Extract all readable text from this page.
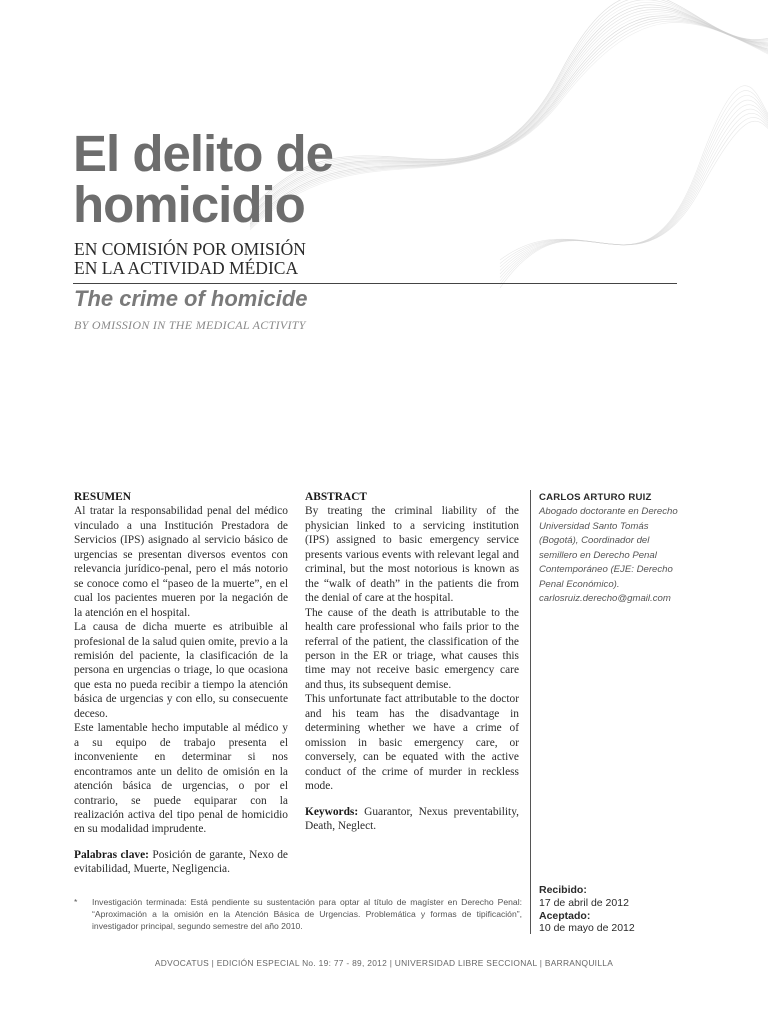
El delito de
homicidio
EN COMISIÓN POR OMISIÓN
EN LA ACTIVIDAD MÉDICA
The crime of homicide
BY OMISSION IN THE MEDICAL ACTIVITY
RESUMEN

Al tratar la responsabilidad penal del médico vinculado a una Institución Prestadora de Servicios (IPS) asignado al servicio básico de urgencias se presentan diversos eventos con relevancia jurídico-penal, pero el más notorio se conoce como el “paseo de la muerte”, en el cual los pacientes mueren por la negación de la atención en el hospital.

La causa de dicha muerte es atribuible al profesional de la salud quien omite, previo a la remisión del paciente, la clasificación de la persona en urgencias o triage, lo que ocasiona que esta no pueda recibir a tiempo la atención básica de urgencias y con ello, su consecuente deceso.

Este lamentable hecho imputable al médico y a su equipo de trabajo presenta el inconveniente en determinar si nos encontramos ante un delito de omisión en la atención básica de urgencias, o por el contrario, se puede equiparar con la realización activa del tipo penal de homicidio en su modalidad imprudente.

Palabras clave: Posición de garante, Nexo de evitabilidad, Muerte, Negligencia.

ABSTRACT

By treating the criminal liability of the physician linked to a servicing institution (IPS) assigned to basic emergency service presents various events with relevant legal and criminal, but the most notorious is known as the “walk of death” in the patients die from the denial of care at the hospital.

The cause of the death is attributable to the health care professional who fails prior to the referral of the patient, the classification of the person in the ER or triage, what causes this time may not receive basic emergency care and thus, its subsequent demise.

This unfortunate fact attributable to the doctor and his team has the disadvantage in determining whether we have a crime of omission in basic emergency care, or conversely, can be equated with the active conduct of the crime of murder in reckless mode.

Keywords: Guarantor, Nexus preventability, Death, Neglect.

CARLOS ARTURO RUIZ
Abogado doctorante en Derecho Universidad Santo Tomás (Bogotá), Coordinador del semillero en Derecho Penal Contemporáneo (EJE: Derecho Penal Económico).
carlosruiz.derecho@gmail.com
Recibido:
17 de abril de 2012
Aceptado:
10 de mayo de 2012
* Investigación terminada: Está pendiente su sustentación para optar al título de magíster en Derecho Penal: “Aproximación a la omisión en la Atención Básica de Urgencias. Problemática y formas de tipificación”, investigador principal, segundo semestre del año 2010.
ADVOCATUS | EDICIÓN ESPECIAL No. 19: 77 - 89, 2012 | UNIVERSIDAD LIBRE SECCIONAL | BARRANQUILLA
